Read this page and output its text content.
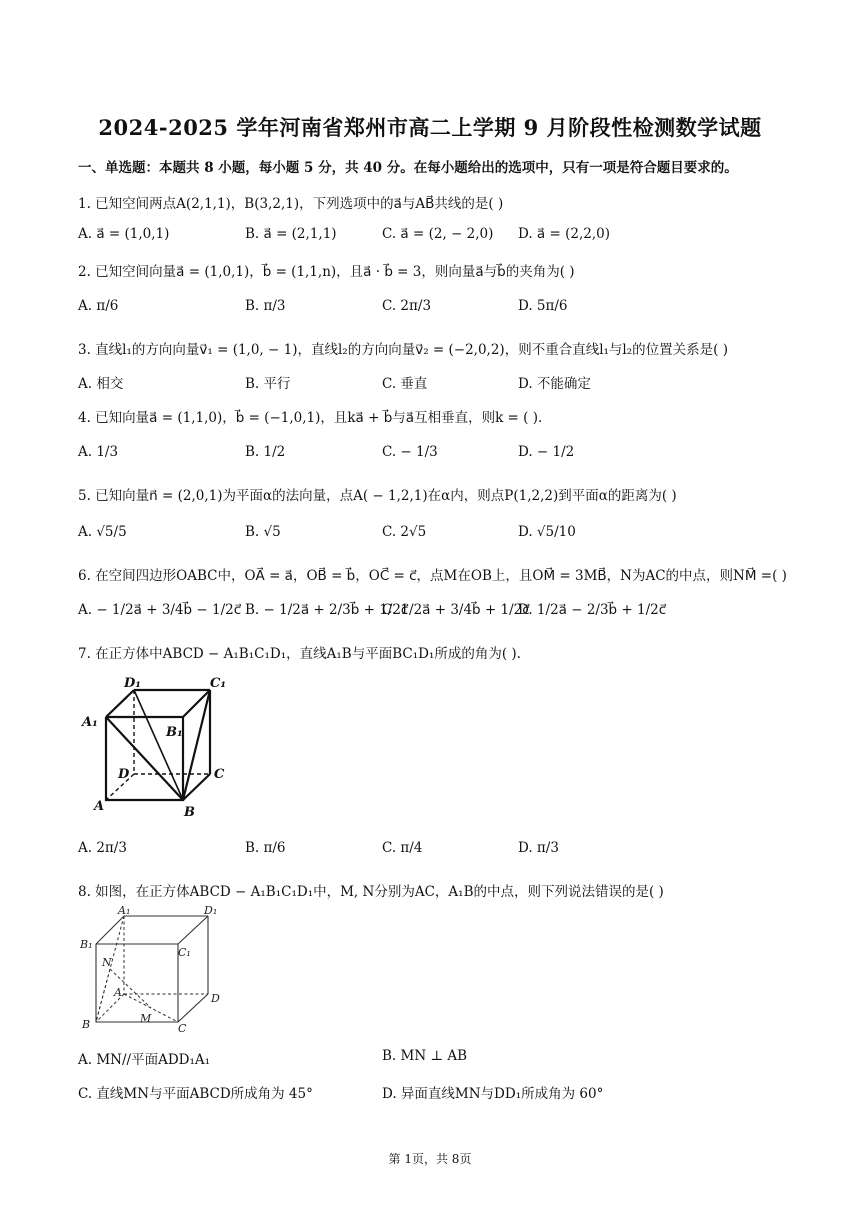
2024-2025 学年河南省郑州市高二上学期 9 月阶段性检测数学试题
一、单选题：本题共 8 小题，每小题 5 分，共 40 分。在每小题给出的选项中，只有一项是符合题目要求的。
1. 已知空间两点A(2,1,1)，B(3,2,1)，下列选项中的a⃗与AB⃗共线的是( )
A. a⃗ = (1,0,1)	B. a⃗ = (2,1,1)	C. a⃗ = (2, − 2,0) D. a⃗ = (2,2,0)
2. 已知空间向量a⃗ = (1,0,1)，b⃗ = (1,1,n)，且a⃗ · b⃗ = 3，则向量a⃗与b⃗的夹角为( )
A. π/6	B. π/3	C. 2π/3	D. 5π/6
3. 直线l₁的方向向量v⃗₁ = (1,0, − 1)，直线l₂的方向向量v⃗₂ = (−2,0,2)，则不重合直线l₁与l₂的位置关系是( )
A. 相交	B. 平行	C. 垂直	D. 不能确定
4. 已知向量a⃗ = (1,1,0)，b⃗ = (−1,0,1)，且ka⃗ + b⃗与a⃗互相垂直，则k = ( ).
A. 1/3	B. 1/2	C. − 1/3	D. − 1/2
5. 已知向量n⃗ = (2,0,1)为平面α的法向量，点A( − 1,2,1)在α内，则点P(1,2,2)到平面α的距离为( )
A. √5/5	B. √5	C. 2√5	D. √5/10
6. 在空间四边形OABC中，OA⃗ = a⃗，OB⃗ = b⃗，OC⃗ = c⃗，点M在OB上，且OM⃗ = 3MB⃗，N为AC的中点，则NM⃗ =( )
A. − 1/2a⃗ + 3/4b⃗ − 1/2c⃗ B. − 1/2a⃗ + 2/3b⃗ + 1/2c⃗
C. 1/2a⃗ + 3/4b⃗ + 1/2c⃗
D. 1/2a⃗ − 2/3b⃗ + 1/2c⃗
7. 在正方体中ABCD − A₁B₁C₁D₁，直线A₁B与平面BC₁D₁所成的角为( ).
D₁	C₁
A₁
B₁
D	C
A	B
A. 2π/3	B. π/6	C. π/4	D. π/3
8. 如图，在正方体ABCD − A₁B₁C₁D₁中，M, N分别为AC，A₁B的中点，则下列说法错误的是( )
A₁	D₁
B₁
C₁
N
A	D
B	M
C
A. MN//平面ADD₁A₁	B. MN ⊥ AB
C. 直线MN与平面ABCD所成角为 45°	D. 异面直线MN与DD₁所成角为 60°
第 1页，共 8页
